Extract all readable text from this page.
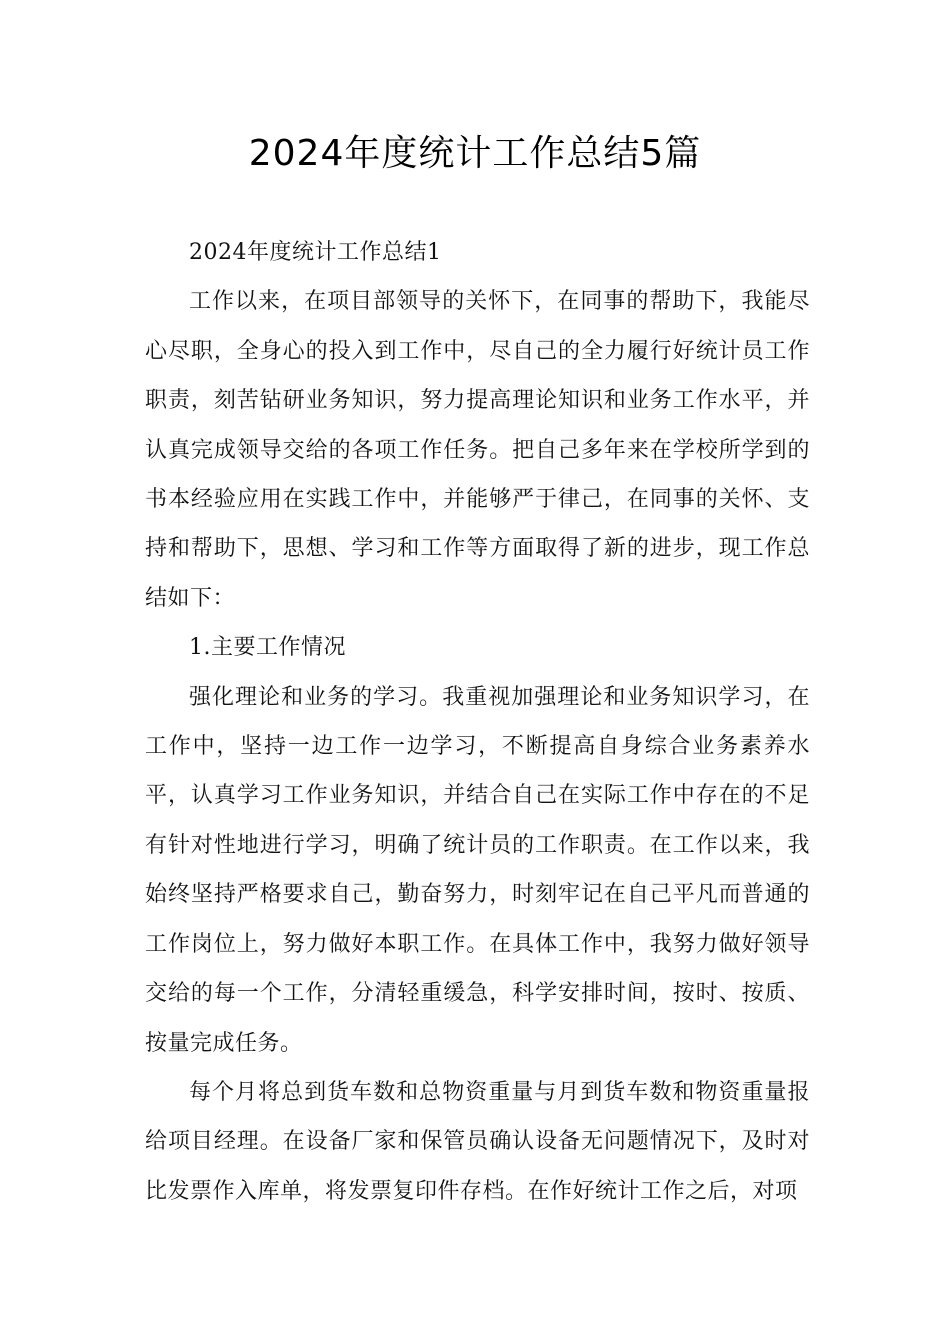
2024年度统计工作总结5篇

2024年度统计工作总结1

工作以来，在项目部领导的关怀下，在同事的帮助下，我能尽心尽职，全身心的投入到工作中，尽自己的全力履行好统计员工作职责，刻苦钻研业务知识，努力提高理论知识和业务工作水平，并认真完成领导交给的各项工作任务。把自己多年来在学校所学到的书本经验应用在实践工作中，并能够严于律己，在同事的关怀、支持和帮助下，思想、学习和工作等方面取得了新的进步，现工作总结如下：

1.主要工作情况

强化理论和业务的学习。我重视加强理论和业务知识学习，在工作中，坚持一边工作一边学习，不断提高自身综合业务素养水平，认真学习工作业务知识，并结合自己在实际工作中存在的不足有针对性地进行学习，明确了统计员的工作职责。在工作以来，我始终坚持严格要求自己，勤奋努力，时刻牢记在自己平凡而普通的工作岗位上，努力做好本职工作。在具体工作中，我努力做好领导交给的每一个工作，分清轻重缓急，科学安排时间，按时、按质、按量完成任务。

每个月将总到货车数和总物资重量与月到货车数和物资重量报给项目经理。在设备厂家和保管员确认设备无问题情况下，及时对比发票作入库单，将发票复印件存档。在作好统计工作之后，对项
